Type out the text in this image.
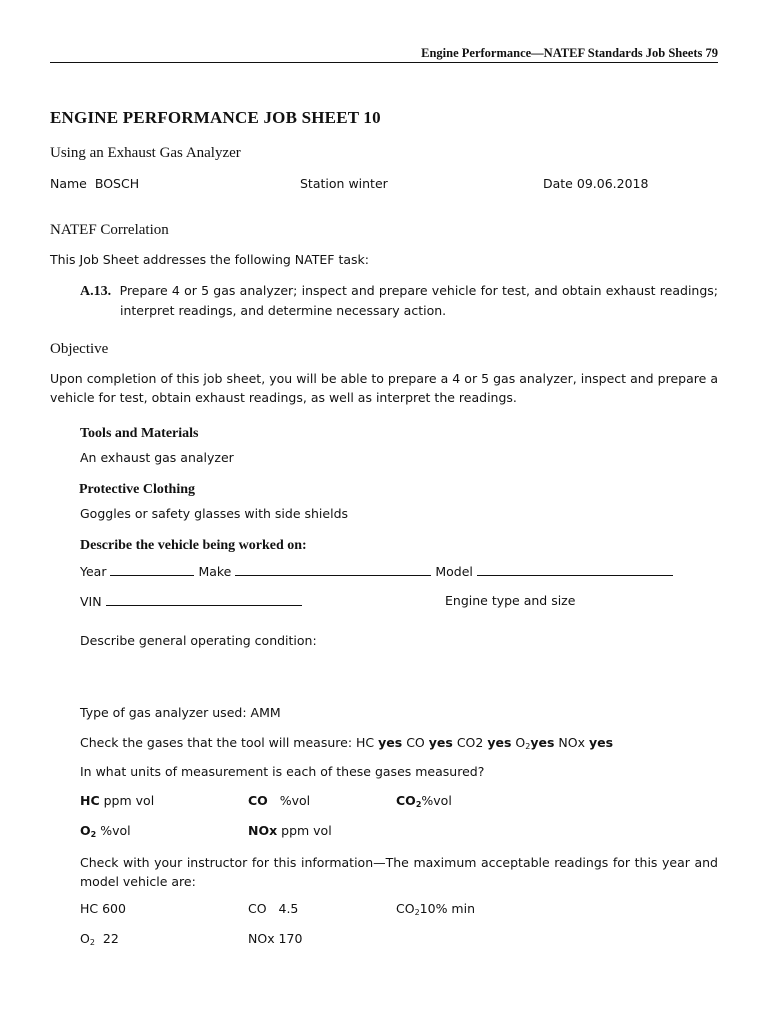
Engine Performance—NATEF Standards Job Sheets 79
ENGINE PERFORMANCE JOB SHEET 10
Using an Exhaust Gas Analyzer
Name BOSCH	Station winter	Date 09.06.2018
NATEF Correlation
This Job Sheet addresses the following NATEF task:
A.13. Prepare 4 or 5 gas analyzer; inspect and prepare vehicle for test, and obtain exhaust readings; interpret readings, and determine necessary action.
Objective
Upon completion of this job sheet, you will be able to prepare a 4 or 5 gas analyzer, inspect and prepare a vehicle for test, obtain exhaust readings, as well as interpret the readings.
Tools and Materials
An exhaust gas analyzer
Protective Clothing
Goggles or safety glasses with side shields
Describe the vehicle being worked on:
Year	Make	Model
VIN	Engine type and size
Describe general operating condition:
Type of gas analyzer used: AMM
Check the gases that the tool will measure: HC yes CO yes CO2 yes $O_2yes$ NOx yes
In what units of measurement is each of these gases measured?
HC ppm vol	CO %vol	$CO_2\%vol$
$O_2$ %vol	NOx ppm vol
Check with your instructor for this information—The maximum acceptable readings for this year and model vehicle are:
HC 600	CO 4.5	$CO_210\%$ min
$O_2$ 22	NOx 170
